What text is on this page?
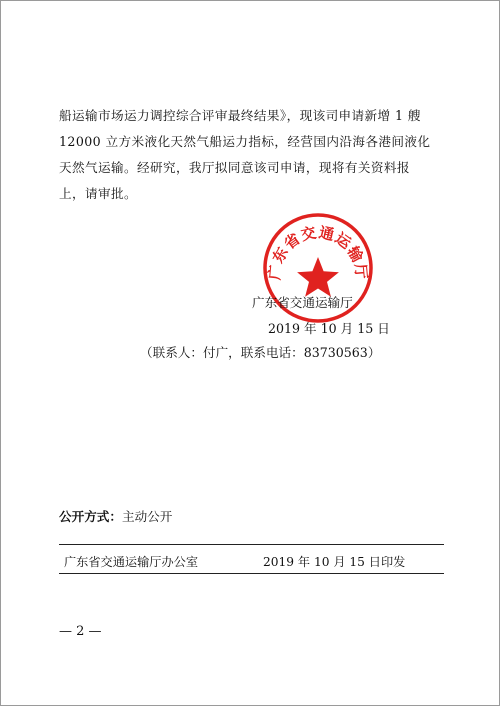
船运输市场运力调控综合评审最终结果》，现该司申请新增 1 艘

12000 立方米液化天然气船运力指标，经营国内沿海各港间液化

天然气运输。经研究，我厅拟同意该司申请，现将有关资料报

上，请审批。

广东省交通运输厅
广东省交通运输厅
2019 年 10 月 15 日
（联系人：付广，联系电话：83730563）
公开方式：主动公开
广东省交通运输厅办公室	2019 年 10 月 15 日印发
— 2 —
